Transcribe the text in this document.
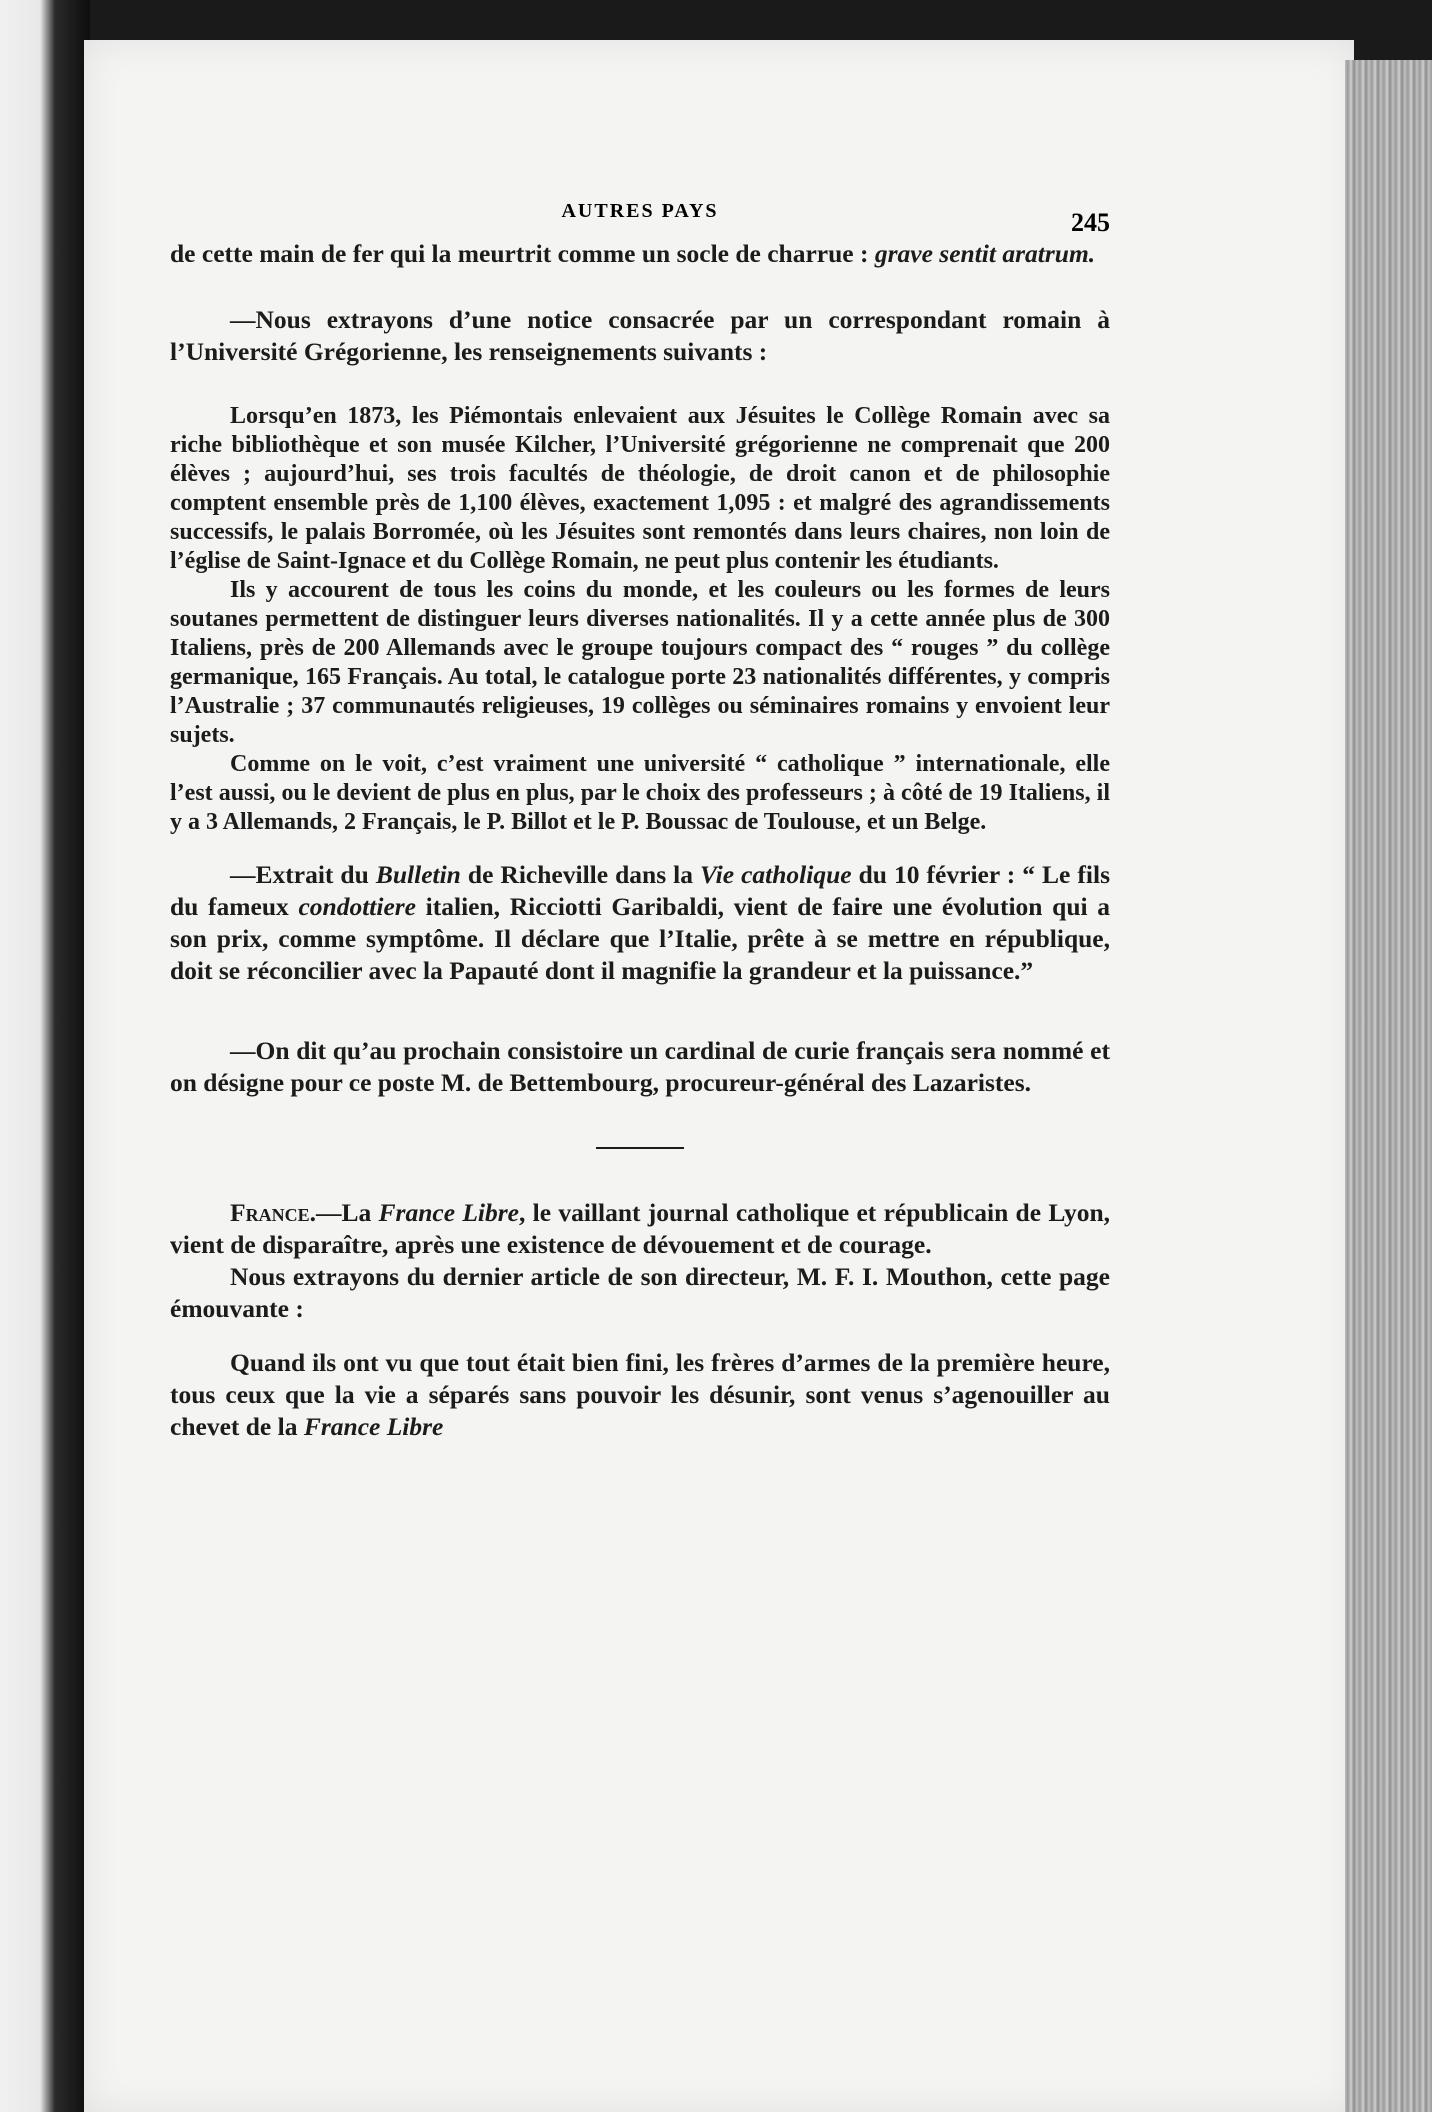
AUTRES PAYS	245

de cette main de fer qui la meurtrit comme un socle de charrue : grave sentit aratrum.

—Nous extrayons d’une notice consacrée par un correspondant romain à l’Université Grégorienne, les renseignements suivants :

Lorsqu’en 1873, les Piémontais enlevaient aux Jésuites le Collège Romain avec sa riche bibliothèque et son musée Kilcher, l’Université grégorienne ne comprenait que 200 élèves ; aujourd’hui, ses trois facultés de théologie, de droit canon et de philosophie comptent ensemble près de 1,100 élèves, exactement 1,095 : et malgré des agrandissements successifs, le palais Borromée, où les Jésuites sont remontés dans leurs chaires, non loin de l’église de Saint-Ignace et du Collège Romain, ne peut plus contenir les étudiants.

Ils y accourent de tous les coins du monde, et les couleurs ou les formes de leurs soutanes permettent de distinguer leurs diverses nationalités. Il y a cette année plus de 300 Italiens, près de 200 Allemands avec le groupe toujours compact des “ rouges ” du collège germanique, 165 Français. Au total, le catalogue porte 23 nationalités différentes, y compris l’Australie ; 37 communautés religieuses, 19 collèges ou séminaires romains y envoient leur sujets.

Comme on le voit, c’est vraiment une université “ catholique ” internationale, elle l’est aussi, ou le devient de plus en plus, par le choix des professeurs ; à côté de 19 Italiens, il y a 3 Allemands, 2 Français, le P. Billot et le P. Boussac de Toulouse, et un Belge.

—Extrait du Bulletin de Richeville dans la Vie catholique du 10 février : “ Le fils du fameux condottiere italien, Ricciotti Garibaldi, vient de faire une évolution qui a son prix, comme symptôme. Il déclare que l’Italie, prête à se mettre en république, doit se réconcilier avec la Papauté dont il magnifie la grandeur et la puissance.”

—On dit qu’au prochain consistoire un cardinal de curie français sera nommé et on désigne pour ce poste M. de Bettembourg, procureur-général des Lazaristes.

France.—La France Libre, le vaillant journal catholique et républicain de Lyon, vient de disparaître, après une existence de dévouement et de courage.

Nous extrayons du dernier article de son directeur, M. F. I. Mouthon, cette page émouvante :

Quand ils ont vu que tout était bien fini, les frères d’armes de la première heure, tous ceux que la vie a séparés sans pouvoir les désunir, sont venus s’agenouiller au chevet de la France Libre
